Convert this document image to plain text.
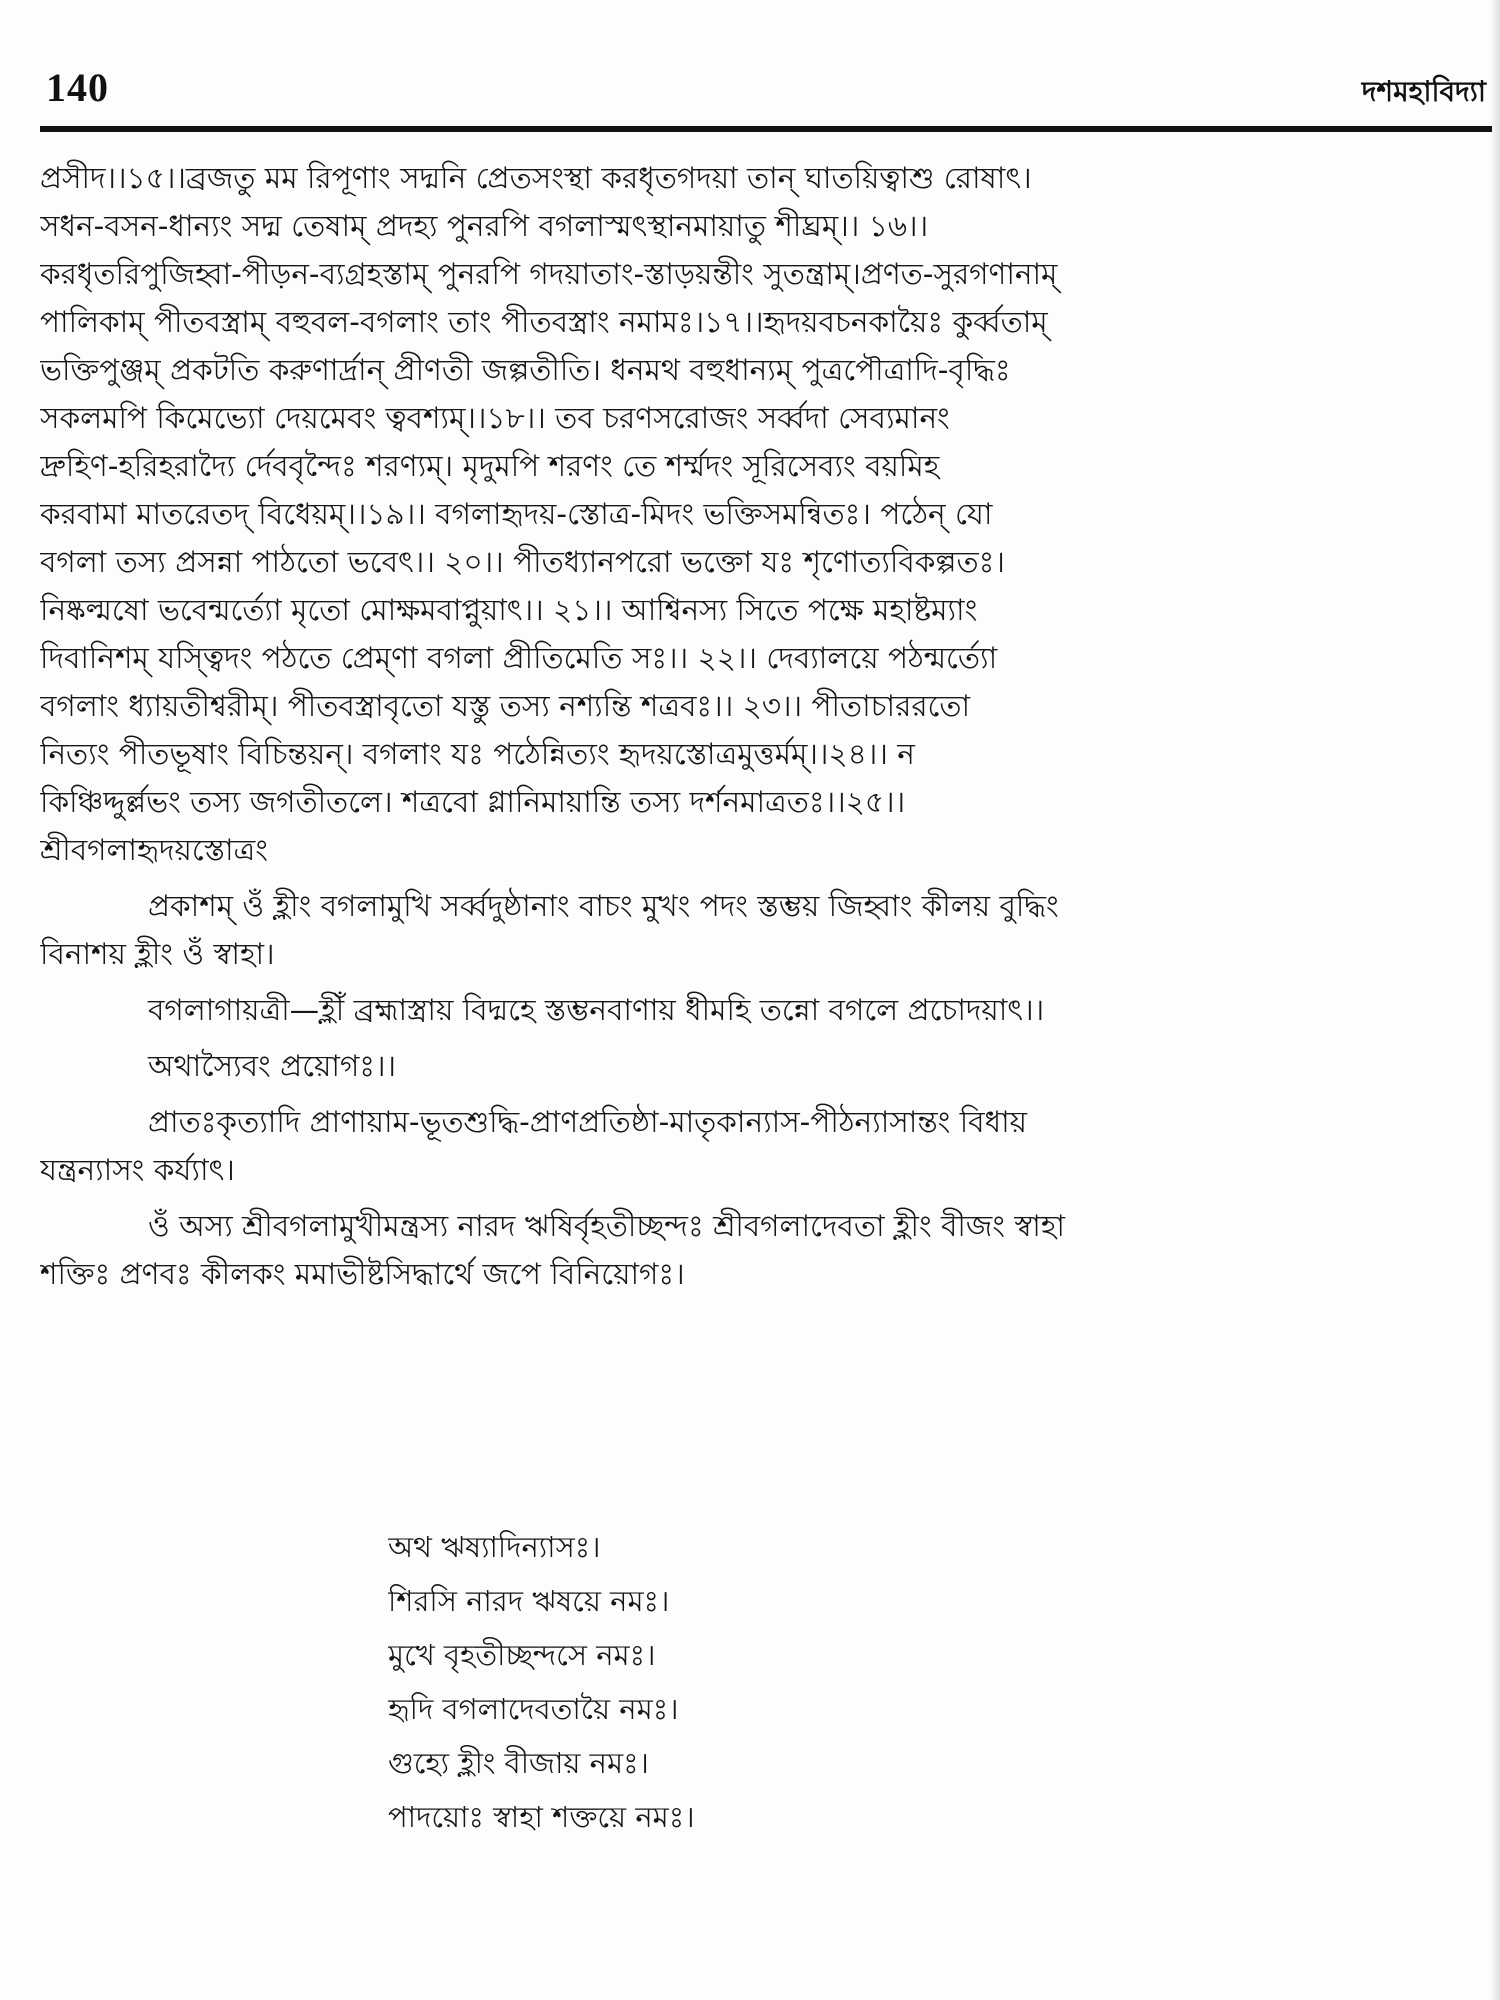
140	দশমহাবিদ্যা
প্রসীদ।।১৫।।ব্রজতু মম রিপূণাং সদ্মনি প্রেতসংস্থা করধৃতগদয়া তান্ ঘাতয়িত্বাশু রোষাৎ।
সধন-বসন-ধান্যং সদ্ম তেষাম্ প্রদহ্য পুনরপি বগলাস্মৎস্থানমায়াতু শীঘ্রম্।। ১৬।।
করধৃতরিপুজিহ্বা-পীড়ন-ব্যগ্রহস্তাম্ পুনরপি গদয়াতাং-স্তাড়য়ন্তীং সুতন্ত্রাম্।প্রণত-সুরগণানাম্
পালিকাম্ পীতবস্ত্রাম্ বহুবল-বগলাং তাং পীতবস্ত্রাং নমামঃ।১৭।।হৃদয়বচনকায়ৈঃ কুর্ব্বতাম্
ভক্তিপুঞ্জম্ প্রকটতি করুণার্দ্রান্ প্রীণতী জল্পতীতি। ধনমথ বহুধান্যম্ পুত্রপৌত্রাদি-বৃদ্ধিঃ
সকলমপি কিমেভ্যো দেয়মেবং ত্ববশ্যম্।।১৮।। তব চরণসরোজং সর্ব্বদা সেব্যমানং
দ্রুহিণ-হরিহরাদ্যৈ র্দেববৃন্দৈঃ শরণ্যম্। মৃদুমপি শরণং তে শর্ম্মদং সূরিসেব্যং বয়মিহ
করবামা মাতরেতদ্ বিধেয়ম্।।১৯।। বগলাহৃদয়-স্তোত্র-মিদং ভক্তিসমন্বিতঃ। পঠেন্ যো
বগলা তস্য প্রসন্না পাঠতো ভবেৎ।। ২০।। পীতধ্যানপরো ভক্তো যঃ শৃণোত্যবিকল্পতঃ।
নিষ্কল্মষো ভবেন্মর্ত্যো মৃতো মোক্ষমবাপ্নুয়াৎ।। ২১।। আশ্বিনস্য সিতে পক্ষে মহাষ্টম্যাং
দিবানিশম্ যস্ত্বিদং পঠতে প্রেম্ণা বগলা প্রীতিমেতি সঃ।। ২২।। দেব্যালয়ে পঠন্মর্ত্যো
বগলাং ধ্যায়তীশ্বরীম্। পীতবস্ত্রাবৃতো যস্তু তস্য নশ্যন্তি শত্রবঃ।। ২৩।। পীতাচাররতো
নিত্যং পীতভূষাং বিচিন্তয়ন্। বগলাং যঃ পঠেন্নিত্যং হৃদয়স্তোত্রমুত্তর্মম্।।২৪।। ন
কিঞ্চিদ্দুর্ল্লভং তস্য জগতীতলে। শত্রবো গ্লানিমায়ান্তি তস্য দর্শনমাত্রতঃ।।২৫।।
শ্রীবগলাহৃদয়স্তোত্রং
প্রকাশম্ ওঁ হ্লীং বগলামুখি সর্ব্বদুষ্ঠানাং বাচং মুখং পদং স্তম্ভয় জিহ্বাং কীলয় বুদ্ধিং
বিনাশয় হ্লীং ওঁ স্বাহা।
বগলাগায়ত্রী—হ্লীঁ ব্রহ্মাস্ত্রায় বিদ্মহে স্তম্ভনবাণায় ধীমহি তন্নো বগলে প্রচোদয়াৎ।।
অথাস্যৈবং প্রয়োগঃ।।
প্রাতঃকৃত্যাদি প্রাণায়াম-ভূতশুদ্ধি-প্রাণপ্রতিষ্ঠা-মাতৃকান্যাস-পীঠন্যাসান্তং বিধায়
যন্ত্রন্যাসং কর্য্যাৎ।
ওঁ অস্য শ্রীবগলামুখীমন্ত্রস্য নারদ ঋষির্বৃহতীচ্ছন্দঃ শ্রীবগলাদেবতা হ্লীং বীজং স্বাহা
শক্তিঃ প্রণবঃ কীলকং মমাভীষ্টসিদ্ধার্থে জপে বিনিয়োগঃ।
অথ ঋষ্যাদিন্যাসঃ।
শিরসি নারদ ঋষয়ে নমঃ।
মুখে বৃহতীচ্ছন্দসে নমঃ।
হৃদি বগলাদেবতায়ৈ নমঃ।
গুহ্যে হ্লীং বীজায় নমঃ।
পাদয়োঃ স্বাহা শক্তয়ে নমঃ।
